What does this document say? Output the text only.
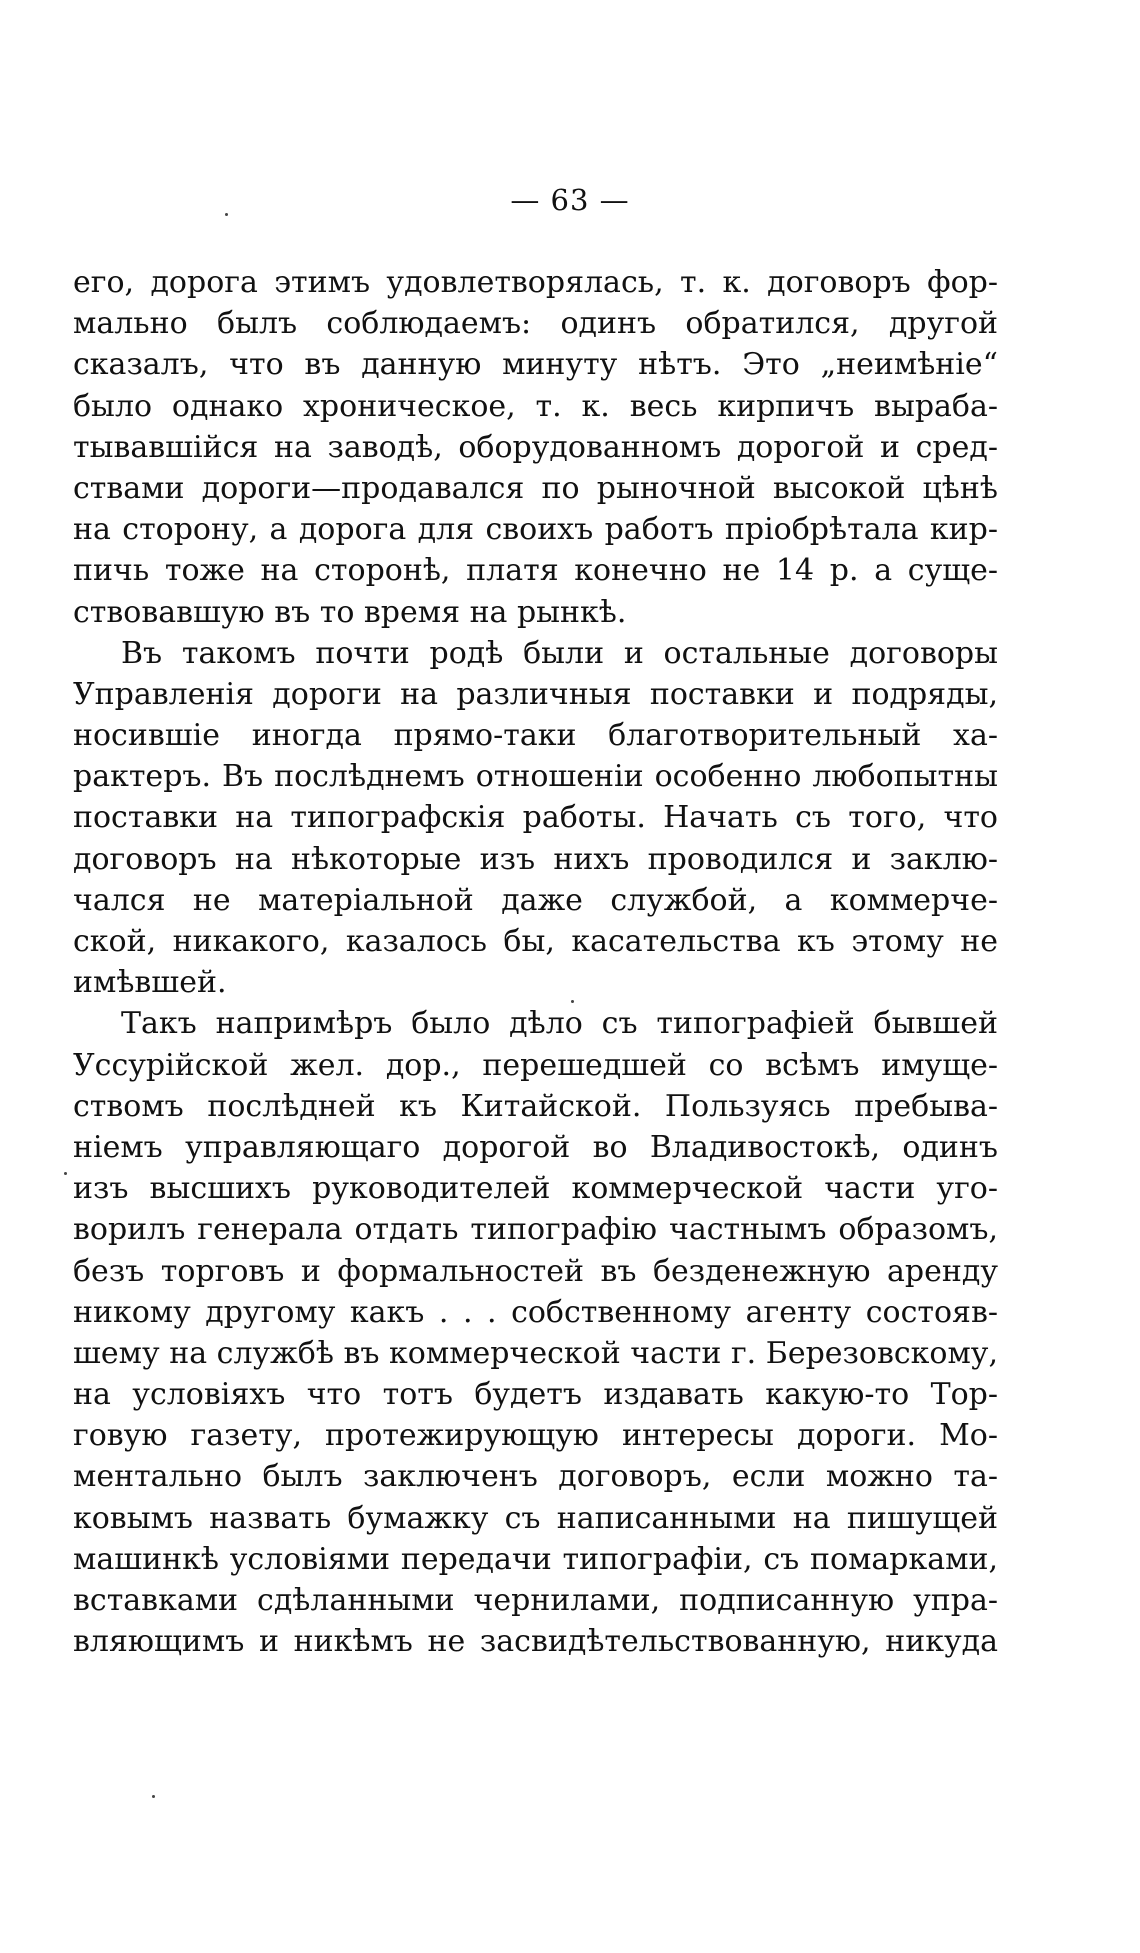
— 63 —
его, дорога этимъ удовлетворялась, т. к. договоръ фор-
мально былъ соблюдаемъ: одинъ обратился, другой
сказалъ, что въ данную минуту нѣтъ. Это „неимѣніе“
было однако хроническое, т. к. весь кирпичъ выраба-
тывавшійся на заводѣ, оборудованномъ дорогой и сред-
ствами дороги—продавался по рыночной высокой цѣнѣ
на сторону, а дорога для своихъ работъ пріобрѣтала кир-
пичь тоже на сторонѣ, платя конечно не 14 р. а суще-
ствовавшую въ то время на рынкѣ.
Въ такомъ почти родѣ были и остальные договоры
Управленія дороги на различныя поставки и подряды,
носившіе иногда прямо-таки благотворительный ха-
рактеръ. Въ послѣднемъ отношеніи особенно любопытны
поставки на типографскія работы. Начать съ того, что
договоръ на нѣкоторые изъ нихъ проводился и заклю-
чался не матеріальной даже службой, а коммерче-
ской, никакого, казалось бы, касательства къ этому не
имѣвшей.
Такъ напримѣръ было дѣло съ типографіей бывшей
Уссурійской жел. дор., перешедшей со всѣмъ имуще-
ствомъ послѣдней къ Китайской. Пользуясь пребыва-
ніемъ управляющаго дорогой во Владивостокѣ, одинъ
изъ высшихъ руководителей коммерческой части уго-
ворилъ генерала отдать типографію частнымъ образомъ,
безъ торговъ и формальностей въ безденежную аренду
никому другому какъ . . . собственному агенту состояв-
шему на службѣ въ коммерческой части г. Березовскому,
на условіяхъ что тотъ будетъ издавать какую-то Тор-
говую газету, протежирующую интересы дороги. Мо-
ментально былъ заключенъ договоръ, если можно та-
ковымъ назвать бумажку съ написанными на пишущей
машинкѣ условіями передачи типографіи, съ помарками,
вставками сдѣланными чернилами, подписанную упра-
вляющимъ и никѣмъ не засвидѣтельствованную, никуда
